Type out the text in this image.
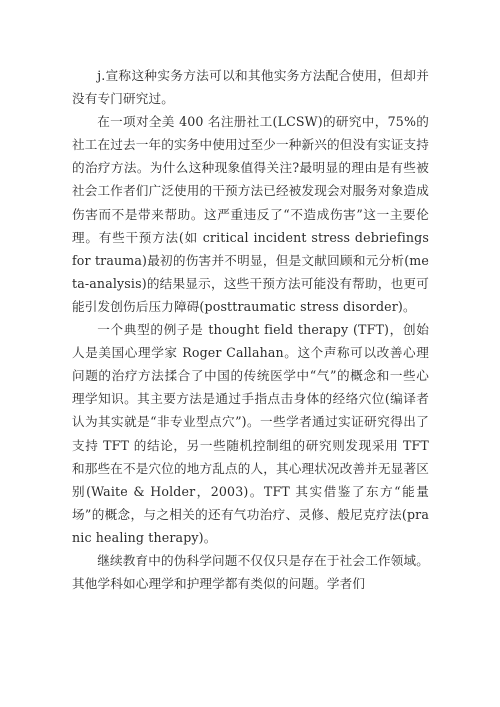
j.宣称这种实务方法可以和其他实务方法配合使用，但却并没有专门研究过。

在一项对全美 400 名注册社工(LCSW)的研究中，75%的社工在过去一年的实务中使用过至少一种新兴的但没有实证支持的治疗方法。为什么这种现象值得关注?最明显的理由是有些被社会工作者们广泛使用的干预方法已经被发现会对服务对象造成伤害而不是带来帮助。这严重违反了“不造成伤害”这一主要伦理。有些干预方法(如 critical incident stress debriefings for trauma)最初的伤害并不明显，但是文献回顾和元分析(meta-analysis)的结果显示，这些干预方法可能没有帮助，也更可能引发创伤后压力障碍(posttraumatic stress disorder)。

一个典型的例子是 thought field therapy (TFT)，创始人是美国心理学家 Roger Callahan。这个声称可以改善心理问题的治疗方法揉合了中国的传统医学中“气”的概念和一些心理学知识。其主要方法是通过手指点击身体的经络穴位(编译者认为其实就是“非专业型点穴”)。一些学者通过实证研究得出了支持 TFT 的结论，另一些随机控制组的研究则发现采用 TFT 和那些在不是穴位的地方乱点的人，其心理状况改善并无显著区别(Waite & Holder，2003)。TFT 其实借鉴了东方“能量场”的概念，与之相关的还有气功治疗、灵修、般尼克疗法(pranic healing therapy)。

继续教育中的伪科学问题不仅仅只是存在于社会工作领域。其他学科如心理学和护理学都有类似的问题。学者们
